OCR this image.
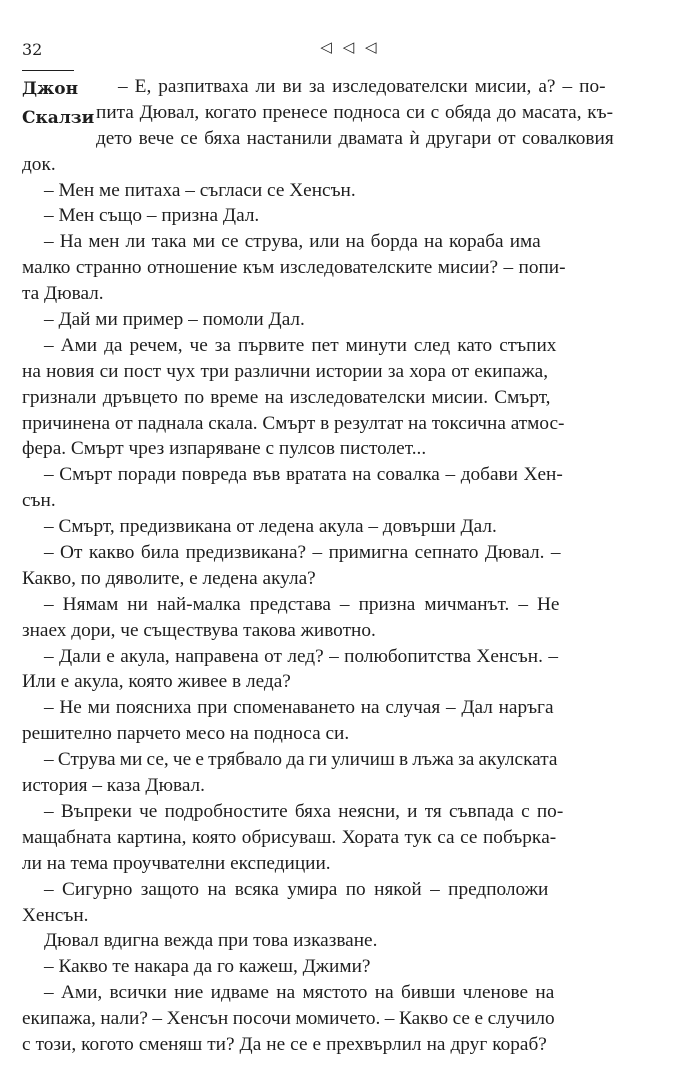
32	◁ ◁ ◁
Джон
Скалзи
– Е, разпитваха ли ви за изследователски мисии, а? – по-
пита Дювал, когато пренесе подноса си с обяда до масата, къ-
дето вече се бяха настанили двамата ѝ другари от совалковия
док.
– Мен ме питаха – съгласи се Хенсън.
– Мен също – призна Дал.
– На мен ли така ми се струва, или на борда на кораба има
малко странно отношение към изследователските мисии? – попи-
та Дювал.
– Дай ми пример – помоли Дал.
– Ами да речем, че за първите пет минути след като стъпих
на новия си пост чух три различни истории за хора от екипажа,
гризнали дръвцето по време на изследователски мисии. Смърт,
причинена от паднала скала. Смърт в резултат на токсична атмос-
фера. Смърт чрез изпаряване с пулсов пистолет...
– Смърт поради повреда във вратата на совалка – добави Хен-
сън.
– Смърт, предизвикана от ледена акула – довърши Дал.
– От какво била предизвикана? – примигна сепнато Дювал. –
Какво, по дяволите, е ледена акула?
– Нямам ни най-малка представа – призна мичманът. – Не
знаех дори, че съществува такова животно.
– Дали е акула, направена от лед? – полюбопитства Хенсън. –
Или е акула, която живее в леда?
– Не ми поясниха при споменаването на случая – Дал наръга
решително парчето месо на подноса си.
– Струва ми се, че е трябвало да ги уличиш в лъжа за акулската
история – каза Дювал.
– Въпреки че подробностите бяха неясни, и тя съвпада с по-
мащабната картина, която обрисуваш. Хората тук са се побъркa-
ли на тема проучвателни експедиции.
– Сигурно защото на всяка умира по някой – предположи
Хенсън.
Дювал вдигна вежда при това изказване.
– Какво те накара да го кажеш, Джими?
– Ами, всички ние идваме на мястото на бивши членове на
екипажа, нали? – Хенсън посочи момичето. – Какво се е случило
с този, когото сменяш ти? Да не се е прехвърлил на друг кораб?
